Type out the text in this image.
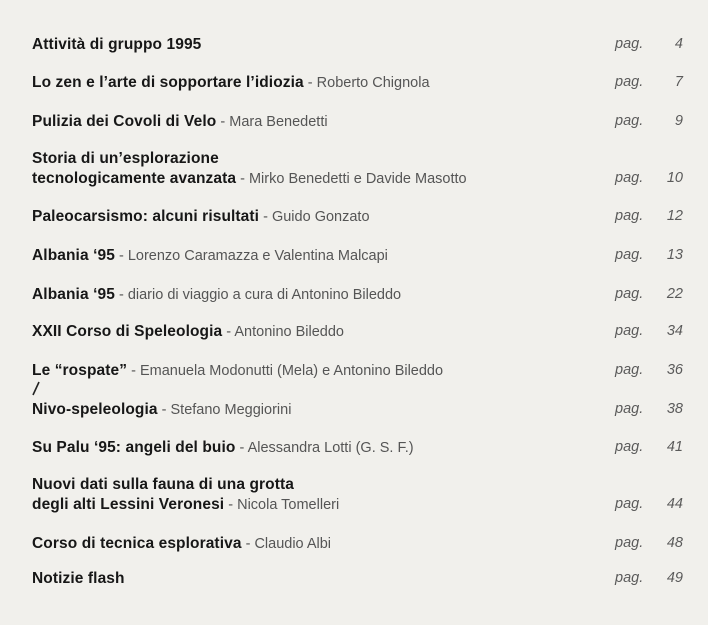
Attività di gruppo 1995	pag. 4
Lo zen e l’arte di sopportare l’idiozia - Roberto Chignola	pag. 7
Pulizia dei Covoli di Velo - Mara Benedetti	pag. 9
Storia di un’esplorazione
tecnologicamente avanzata - Mirko Benedetti e Davide Masotto	pag. 10
Paleocarsismo: alcuni risultati - Guido Gonzato	pag. 12
Albania ‘95 - Lorenzo Caramazza e Valentina Malcapi	pag. 13
Albania ‘95 - diario di viaggio a cura di Antonino Bileddo	pag. 22
XXII Corso di Speleologia - Antonino Bileddo	pag. 34
Le “rospate” - Emanuela Modonutti (Mela) e Antonino Bileddo	pag. 36
Nivo-speleologia - Stefano Meggiorini	pag. 38
Su Palu ‘95: angeli del buio - Alessandra Lotti (G. S. F.)	pag. 41
Nuovi dati sulla fauna di una grotta
degli alti Lessini Veronesi - Nicola Tomelleri	pag. 44
Corso di tecnica esplorativa - Claudio Albi	pag. 48
Notizie flash	pag. 49
